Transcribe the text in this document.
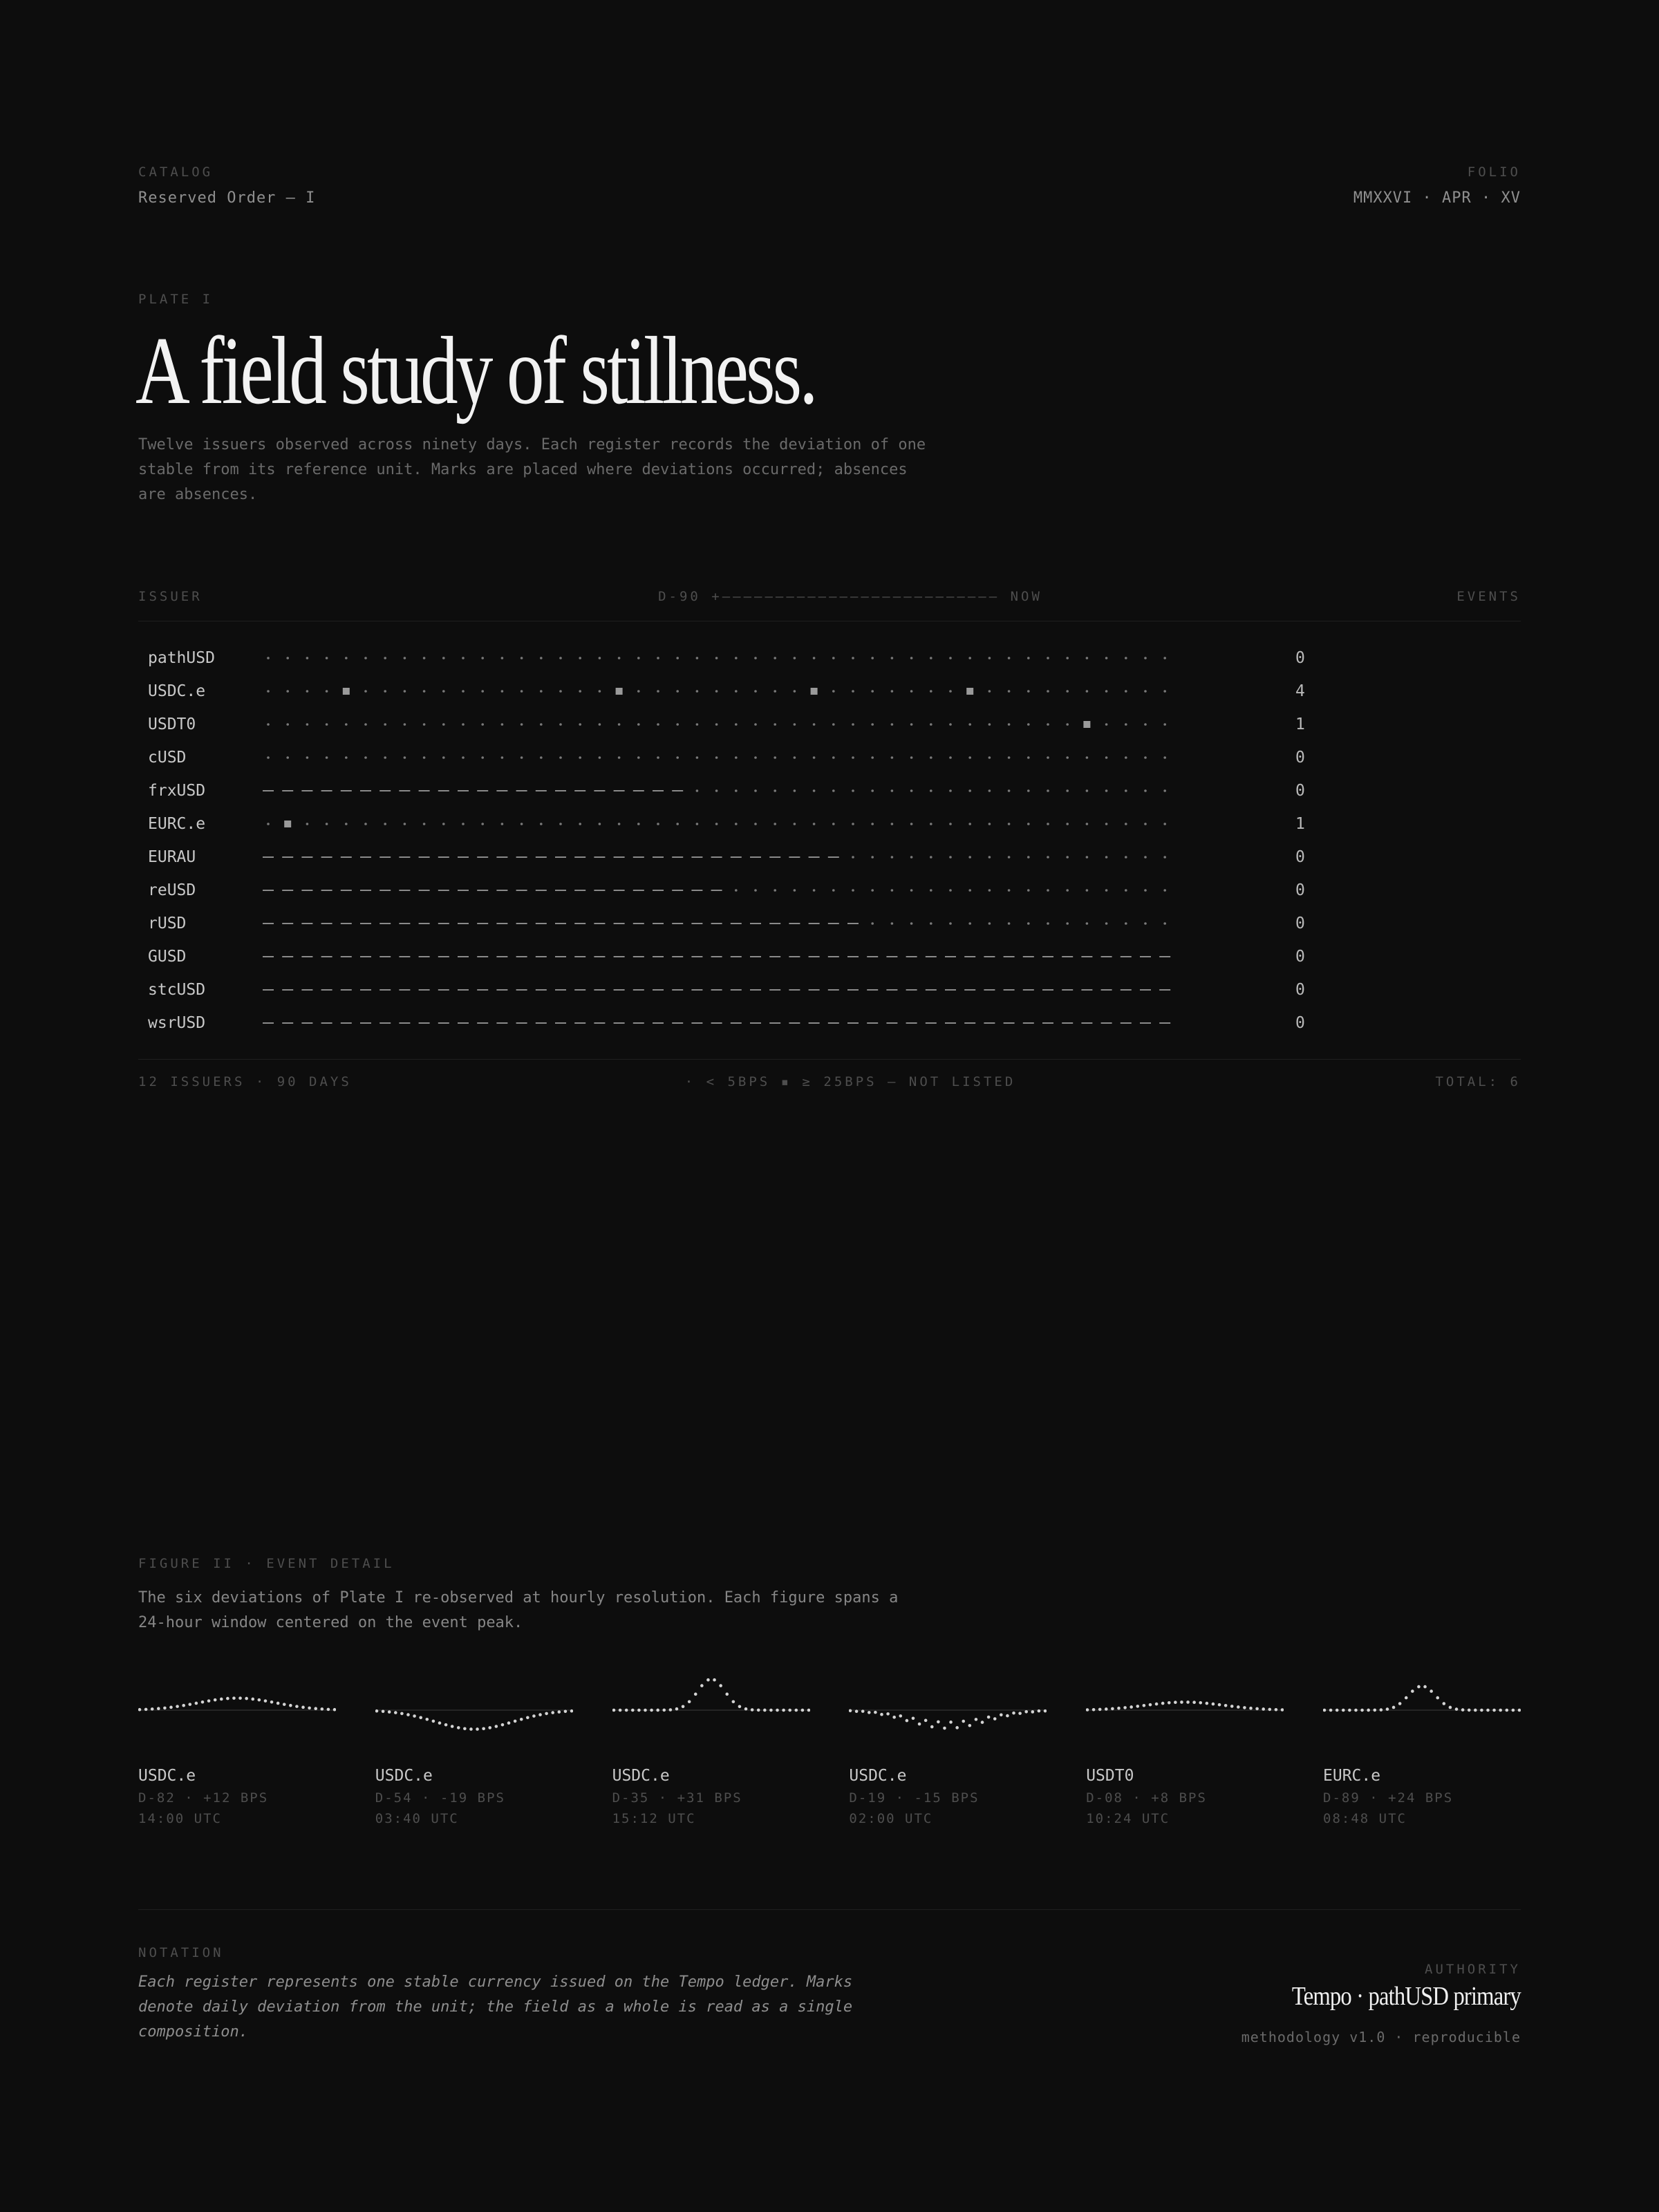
CATALOG
Reserved Order — I
FOLIO
MMXXVI · APR · XV
PLATE I
A field study of stillness.
Twelve issuers observed across ninety days. Each register records the deviation of one stable from its reference unit. Marks are placed where deviations occurred; absences are absences.
ISSUER	D-90 +—————————————————————————— NOW	EVENTS
pathUSD	0
USDC.e	4
USDT0	1
cUSD	0
frxUSD	0
EURC.e	1
EURAU	0
reUSD	0
rUSD	0
GUSD	0
stcUSD	0
wsrUSD	0
12 ISSUERS · 90 DAYS	· < 5BPS ▪ ≥ 25BPS — NOT LISTED	TOTAL: 6
FIGURE II · EVENT DETAIL
The six deviations of Plate I re-observed at hourly resolution. Each figure spans a 24-hour window centered on the event peak.
USDC.e
D-82 · +12 BPS
14:00 UTC
USDC.e
D-54 · -19 BPS
03:40 UTC
USDC.e
D-35 · +31 BPS
15:12 UTC
USDC.e
D-19 · -15 BPS
02:00 UTC
USDT0
D-08 · +8 BPS
10:24 UTC
EURC.e
D-89 · +24 BPS
08:48 UTC
NOTATION
Each register represents one stable currency issued on the Tempo ledger. Marks denote daily deviation from the unit; the field as a whole is read as a single composition.
AUTHORITY
Tempo · pathUSD primary
methodology v1.0 · reproducible
